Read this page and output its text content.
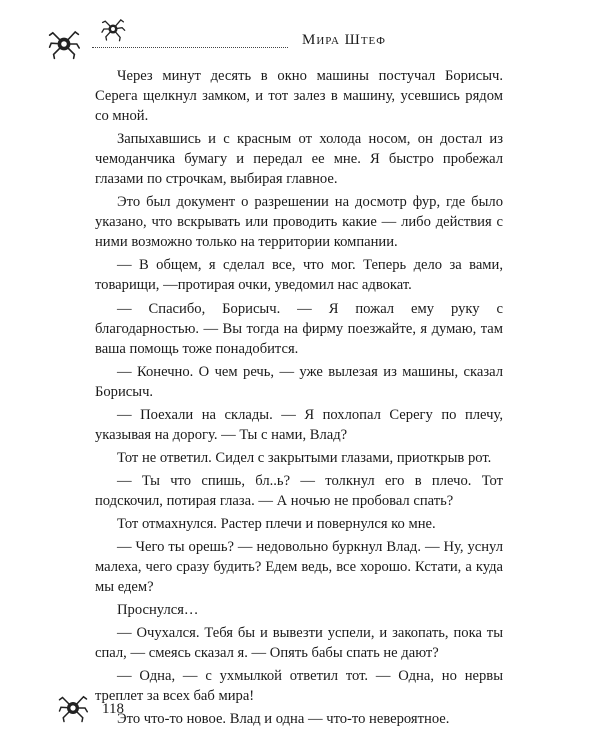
Мира Штеф

Через минут десять в окно машины постучал Борисыч. Серега щелкнул замком, и тот залез в машину, усевшись рядом со мной.

Запыхавшись и с красным от холода носом, он достал из чемоданчика бумагу и передал ее мне. Я быстро пробежал глазами по строчкам, выбирая главное.

Это был документ о разрешении на досмотр фур, где было указано, что вскрывать или проводить какие — либо действия с ними возможно только на территории компании.

— В общем, я сделал все, что мог. Теперь дело за вами, товарищи, —протирая очки, уведомил нас адвокат.

— Спасибо, Борисыч. — Я пожал ему руку с благодарностью. — Вы тогда на фирму поезжайте, я думаю, там ваша помощь тоже понадобится.

— Конечно. О чем речь, — уже вылезая из машины, сказал Борисыч.

— Поехали на склады. — Я похлопал Серегу по плечу, указывая на дорогу. — Ты с нами, Влад?

Тот не ответил. Сидел с закрытыми глазами, приоткрыв рот.

— Ты что спишь, бл..ь? — толкнул его в плечо. Тот подскочил, потирая глаза. — А ночью не пробовал спать?

Тот отмахнулся. Растер плечи и повернулся ко мне.

— Чего ты орешь? — недовольно буркнул Влад. — Ну, уснул малеха, чего сразу будить? Едем ведь, все хорошо. Кстати, а куда мы едем?

Проснулся…

— Очухался. Тебя бы и вывезти успели, и закопать, пока ты спал, — смеясь сказал я. — Опять бабы спать не дают?

— Одна, — с ухмылкой ответил тот. — Одна, но нервы треплет за всех баб мира!

Это что-то новое. Влад и одна — что-то невероятное.

118
